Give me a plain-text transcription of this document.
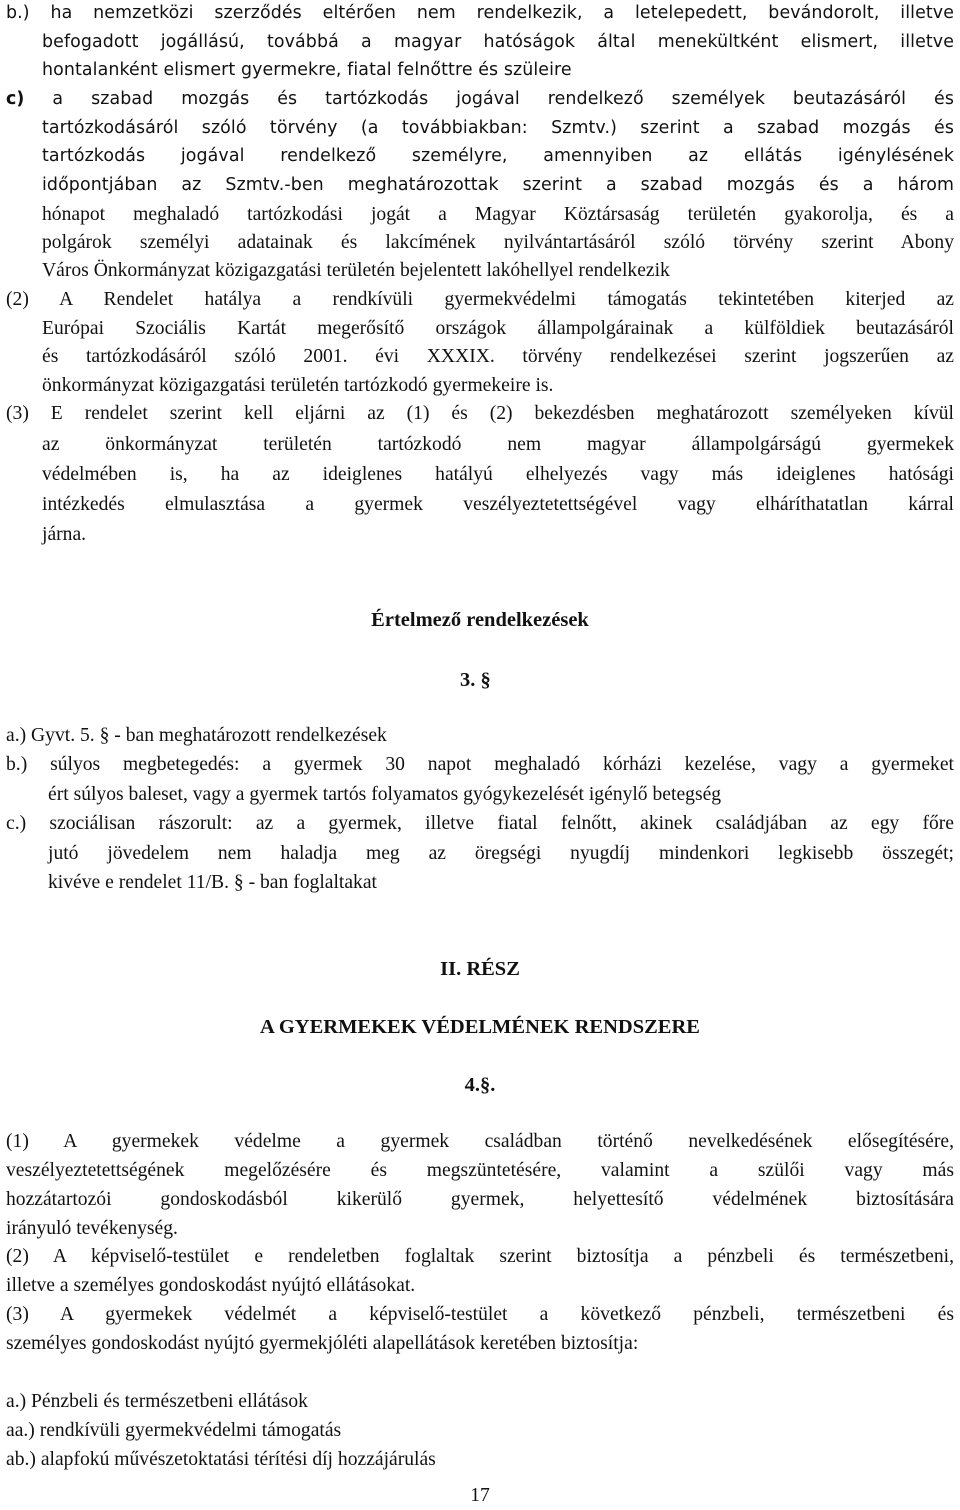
b.) ha nemzetközi szerződés eltérően nem rendelkezik, a letelepedett, bevándorolt, illetve
befogadott jogállású, továbbá a magyar hatóságok által menekültként elismert, illetve
hontalanként elismert gyermekre, fiatal felnőttre és szüleire
c) a szabad mozgás és tartózkodás jogával rendelkező személyek beutazásáról és
tartózkodásáról szóló törvény (a továbbiakban: Szmtv.) szerint a szabad mozgás és
tartózkodás jogával rendelkező személyre, amennyiben az ellátás igénylésének
időpontjában az Szmtv.-ben meghatározottak szerint a szabad mozgás és a három
hónapot meghaladó tartózkodási jogát a Magyar Köztársaság területén gyakorolja, és a
polgárok személyi adatainak és lakcímének nyilvántartásáról szóló törvény szerint Abony
Város Önkormányzat közigazgatási területén bejelentett lakóhellyel rendelkezik
(2) A Rendelet hatálya a rendkívüli gyermekvédelmi támogatás tekintetében kiterjed az
Európai Szociális Kartát megerősítő országok állampolgárainak a külföldiek beutazásáról
és tartózkodásáról szóló 2001. évi XXXIX. törvény rendelkezései szerint jogszerűen az
önkormányzat közigazgatási területén tartózkodó gyermekeire is.
(3) E rendelet szerint kell eljárni az (1) és (2) bekezdésben meghatározott személyeken kívül
az önkormányzat területén tartózkodó nem magyar állampolgárságú gyermekek
védelmében is, ha az ideiglenes hatályú elhelyezés vagy más ideiglenes hatósági
intézkedés elmulasztása a gyermek veszélyeztetettségével vagy elháríthatatlan kárral
járna.
Értelmező rendelkezések
3. §
a.) Gyvt. 5. § - ban meghatározott rendelkezések
b.) súlyos megbetegedés: a gyermek 30 napot meghaladó kórházi kezelése, vagy a gyermeket
ért súlyos baleset, vagy a gyermek tartós folyamatos gyógykezelését igénylő betegség
c.) szociálisan rászorult: az a gyermek, illetve fiatal felnőtt, akinek családjában az egy főre
jutó jövedelem nem haladja meg az öregségi nyugdíj mindenkori legkisebb összegét;
kivéve e rendelet 11/B. § - ban foglaltakat
II. RÉSZ
A GYERMEKEK VÉDELMÉNEK RENDSZERE
4.§.
(1) A gyermekek védelme a gyermek családban történő nevelkedésének elősegítésére,
veszélyeztetettségének megelőzésére és megszüntetésére, valamint a szülői vagy más
hozzátartozói gondoskodásból kikerülő gyermek, helyettesítő védelmének biztosítására
irányuló tevékenység.
(2) A képviselő-testület e rendeletben foglaltak szerint biztosítja a pénzbeli és természetbeni,
illetve a személyes gondoskodást nyújtó ellátásokat.
(3) A gyermekek védelmét a képviselő-testület a következő pénzbeli, természetbeni és
személyes gondoskodást nyújtó gyermekjóléti alapellátások keretében biztosítja:
a.) Pénzbeli és természetbeni ellátások
aa.) rendkívüli gyermekvédelmi támogatás
ab.) alapfokú művészetoktatási térítési díj hozzájárulás
17
